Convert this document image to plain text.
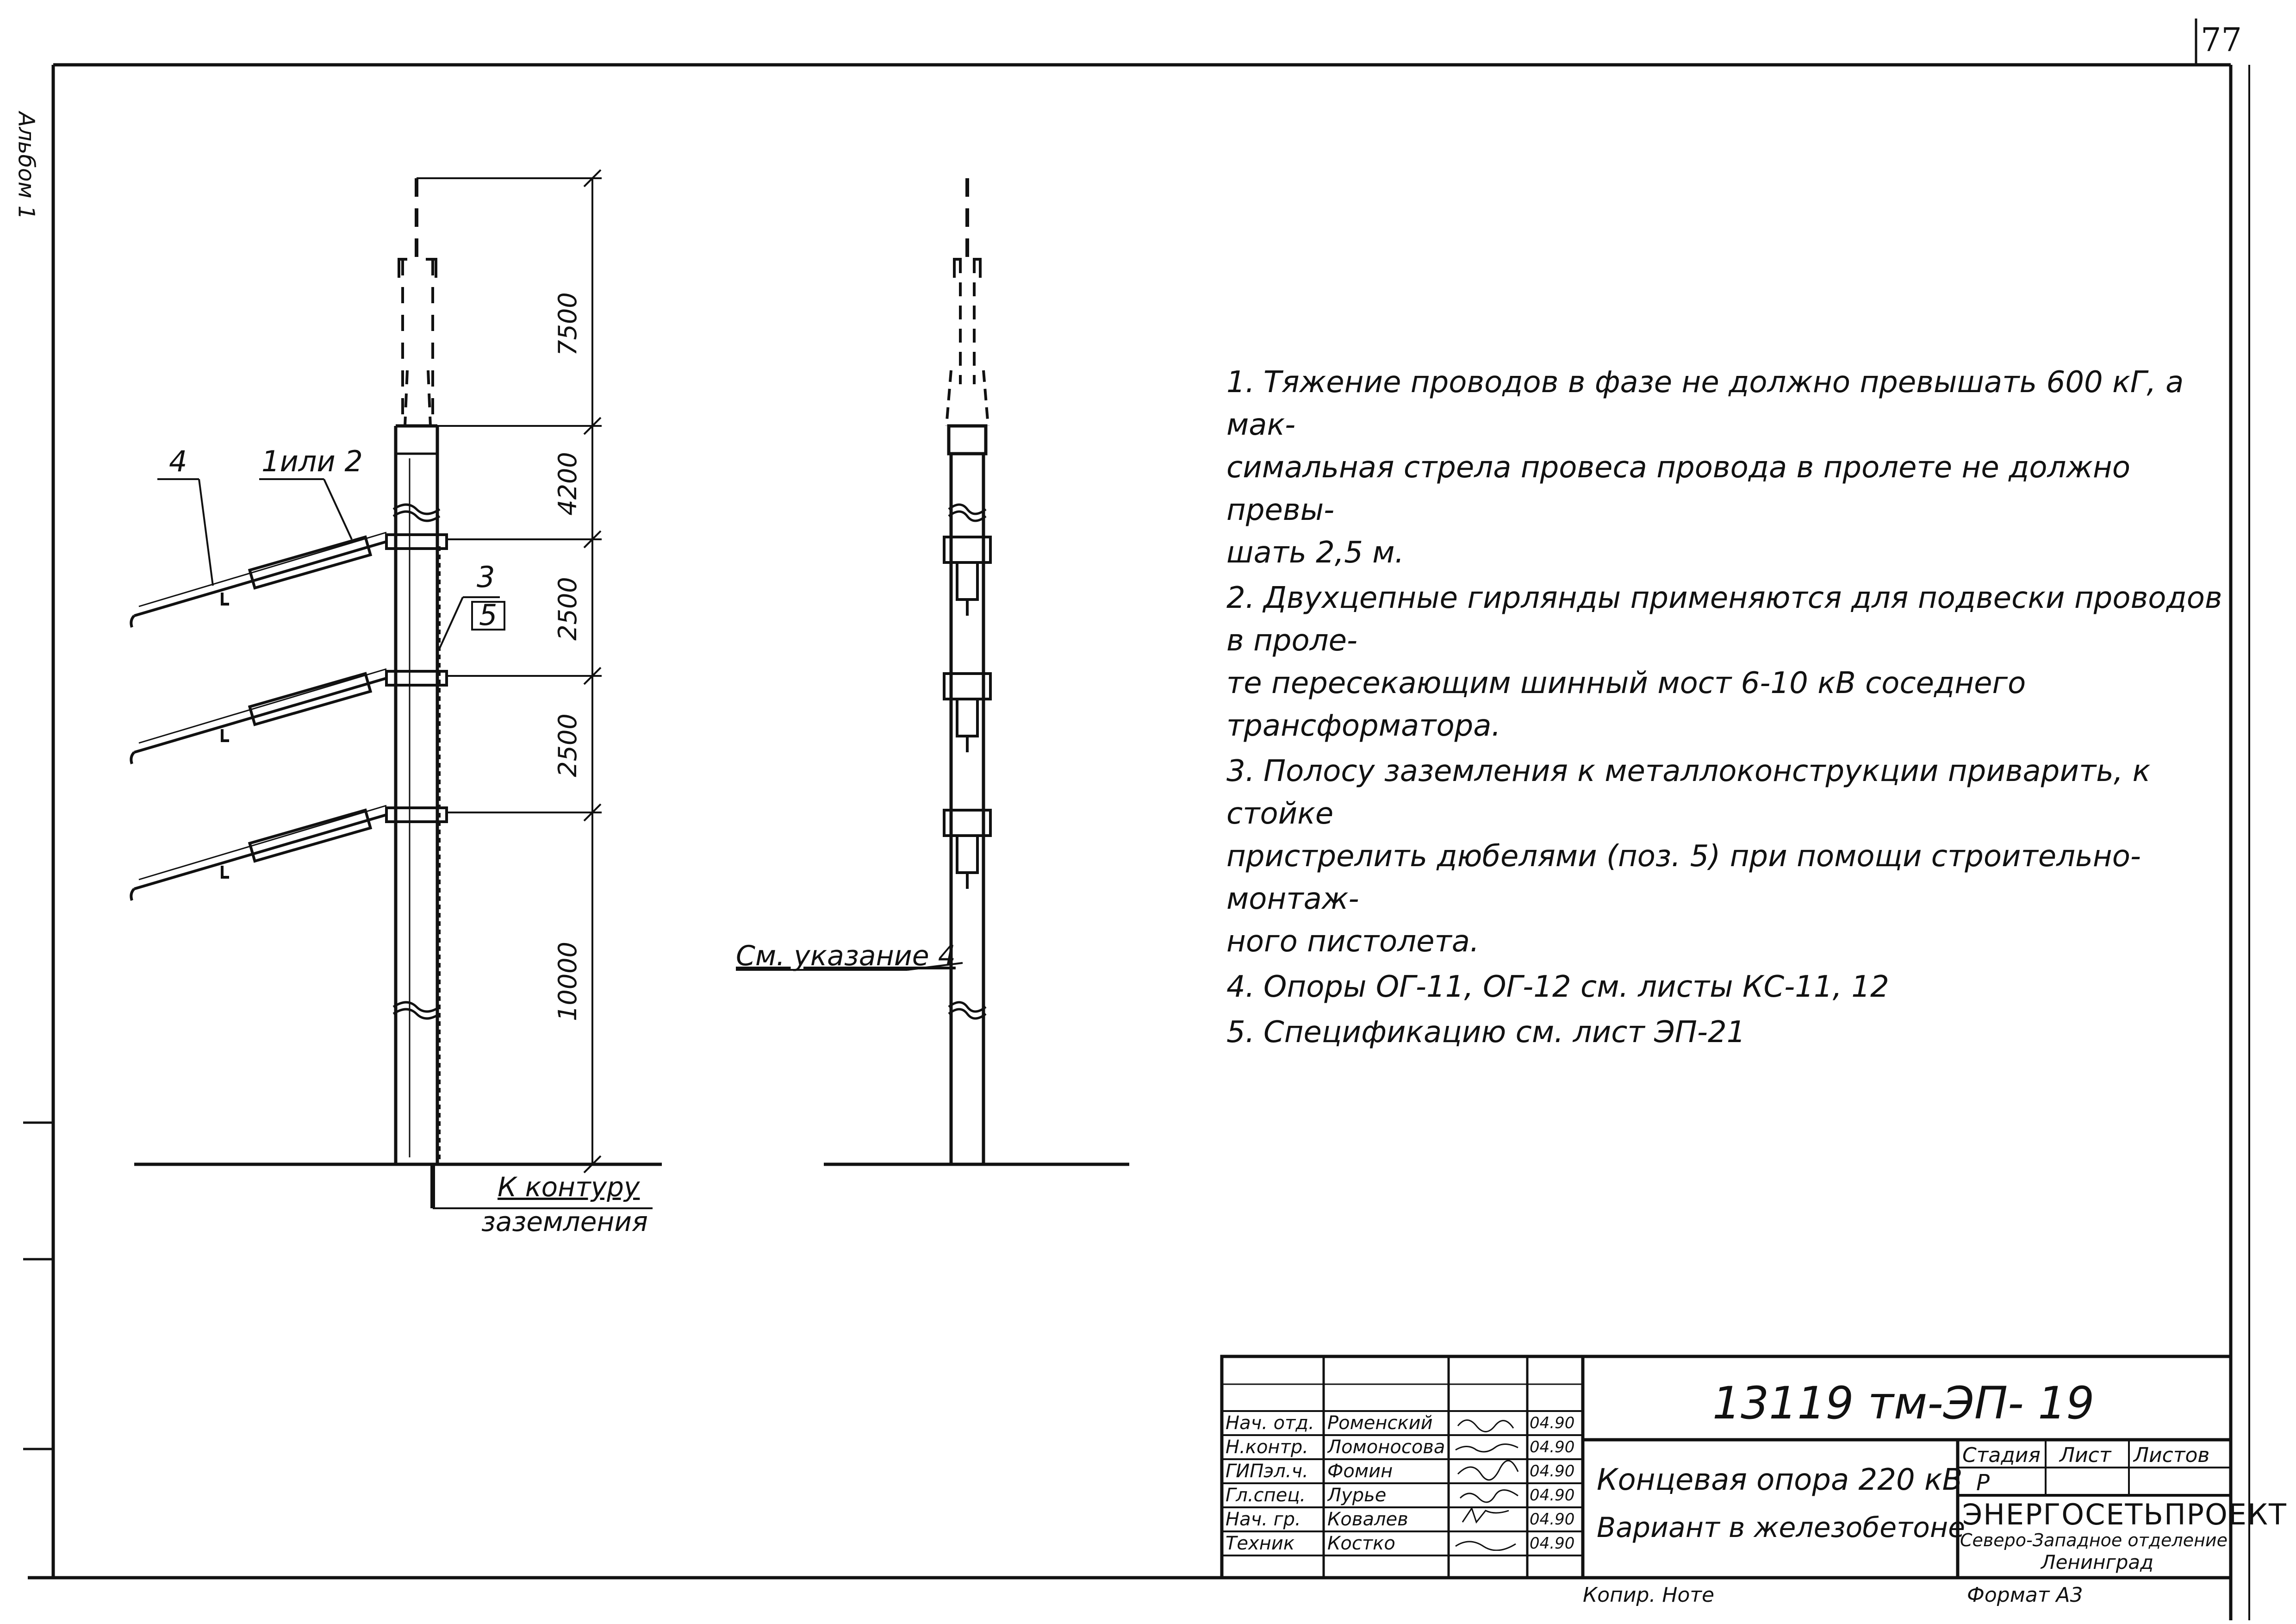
7500
4200
2500
2500
10000
77
Альбом 1
4	1или 2
3
5
К контуру
заземления
См. указание 4
1. Тяжение проводов в фазе не должно превышать 600 кГ, а мак-
симальная стрела провеса провода в пролете не должно превы-
шать 2,5 м.
2. Двухцепные гирлянды применяются для подвески проводов в проле-
те пересекающим шинный мост 6-10 кВ соседнего трансформатора.
3. Полосу заземления к металлоконструкции приварить, к стойке
пристрелить дюбелями (поз. 5) при помощи строительно-монтаж-
ного пистолета.
4. Опоры ОГ-11, ОГ-12 см. листы КС-11, 12
5. Спецификацию см. лист ЭП-21
Нач. отд. Роменский	04.90
Н.контр. Ломоносова	04.90
ГИПэл.ч. Фомин	04.90
Гл.спец. Лурье	04.90
Нач. гр. Ковалев	04.90
Техник Костко	04.90
13119 тм-ЭП- 19
Концевая опора 220 кВ
Вариант в железобетоне
Стадия Лист Листов
Р
ЭНЕРГОСЕТЬПРОЕКТ
Северо-Западное отделение
Ленинград
Копир. Ноте	Формат А3
